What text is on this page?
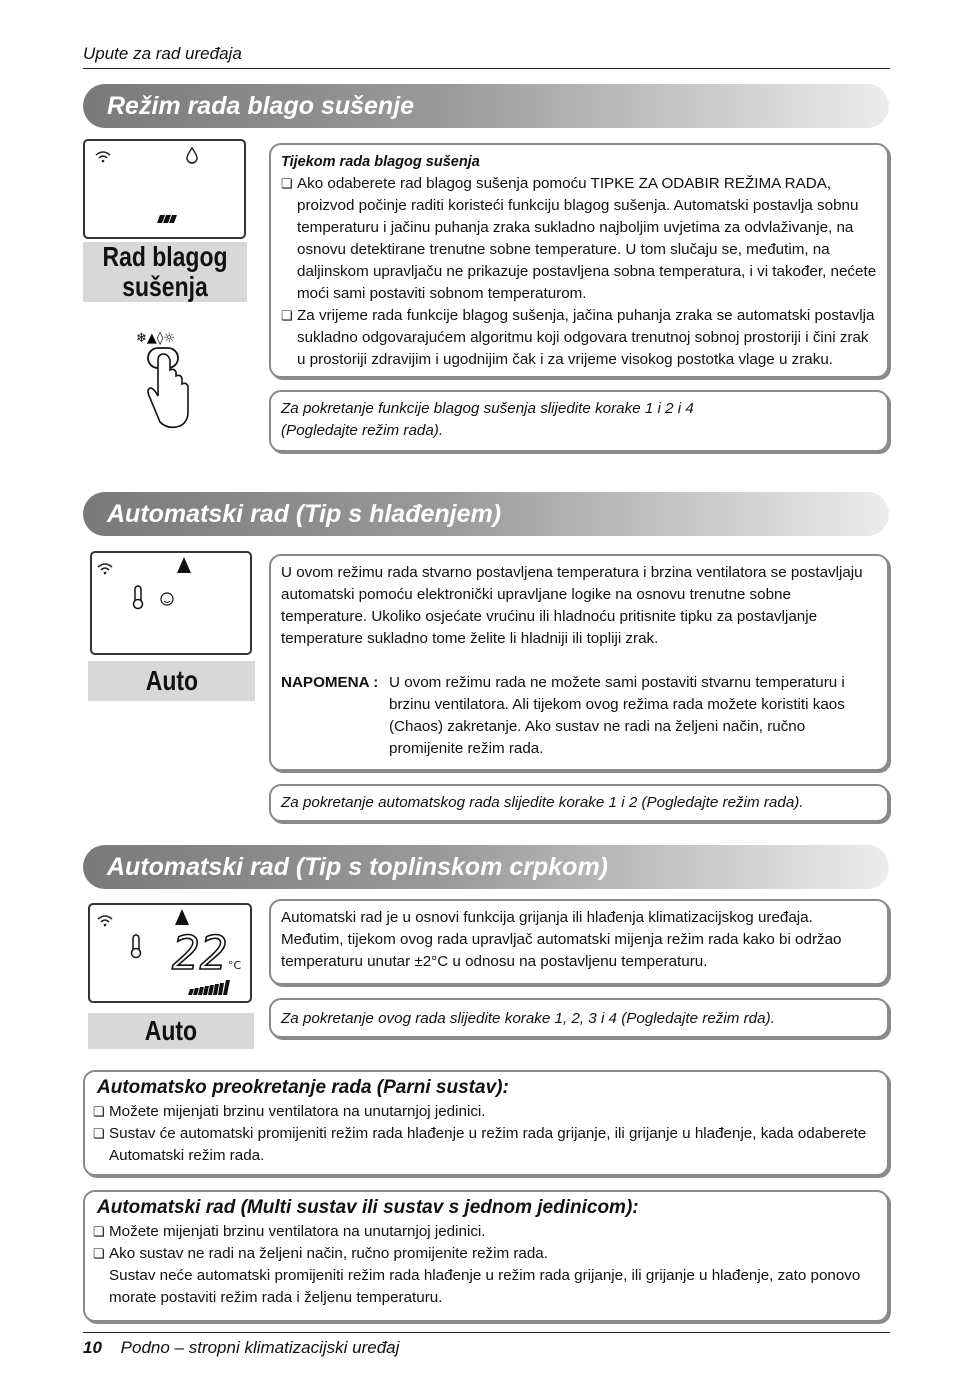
Upute za rad uređaja
Režim rada blago sušenje
Rad blagog sušenja
❄▲◊☼

Tijekom rada blagog sušenja

❏ Ako odaberete rad blagog sušenja pomoću TIPKE ZA ODABIR REŽIMA RADA, proizvod počinje raditi koristeći funkciju blagog sušenja. Automatski postavlja sobnu temperaturu i jačinu puhanja zraka sukladno najboljim uvjetima za odvlaživanje, na osnovu detektirane trenutne sobne temperature. U tom slučaju se, međutim, na daljinskom upravljaču ne prikazuje postavljena sobna temperatura, i vi također, nećete moći sami postaviti sobnom temperaturom.

❏ Za vrijeme rada funkcije blagog sušenja, jačina puhanja zraka se automatski postavlja sukladno odgovarajućem algoritmu koji odgovara trenutnoj sobnoj prostoriji i čini zrak u prostoriji zdravijim i ugodnijim čak i za vrijeme visokog postotka vlage u zraku.

Za pokretanje funkcije blagog sušenja slijedite korake 1 i 2 i 4 (Pogledajte režim rada).

Automatski rad (Tip s hlađenjem)
Auto

U ovom režimu rada stvarno postavljena temperatura i brzina ventilatora se postavljaju automatski pomoću elektronički upravljane logike na osnovu trenutne sobne temperature. Ukoliko osjećate vrućinu ili hladnoću pritisnite tipku za postavljanje temperature sukladno tome želite li hladniji ili topliji zrak.

NAPOMENA : U ovom režimu rada ne možete sami postaviti stvarnu temperaturu i brzinu ventilatora. Ali tijekom ovog režima rada možete koristiti kaos (Chaos) zakretanje. Ako sustav ne radi na željeni način, ručno promijenite režim rada.

Za pokretanje automatskog rada slijedite korake 1 i 2 (Pogledajte režim rada).

Automatski rad (Tip s toplinskom crpkom)
22 °C
Auto

Automatski rad je u osnovi funkcija grijanja ili hlađenja klimatizacijskog uređaja. Međutim, tijekom ovog rada upravljač automatski mijenja režim rada kako bi održao temperaturu unutar ±2°C u odnosu na postavljenu temperaturu.

Za pokretanje ovog rada slijedite korake 1, 2, 3 i 4 (Pogledajte režim rda).

Automatsko preokretanje rada (Parni sustav):

❏ Možete mijenjati brzinu ventilatora na unutarnjoj jedinici.

❏ Sustav će automatski promijeniti režim rada hlađenje u režim rada grijanje, ili grijanje u hlađenje, kada odaberete Automatski režim rada.

Automatski rad (Multi sustav ili sustav s jednom jedinicom):

❏ Možete mijenjati brzinu ventilatora na unutarnjoj jedinici.

❏ Ako sustav ne radi na željeni način, ručno promijenite režim rada.

Sustav neće automatski promijeniti režim rada hlađenje u režim rada grijanje, ili grijanje u hlađenje, zato ponovo morate postaviti režim rada i željenu temperaturu.

10 Podno – stropni klimatizacijski uređaj
